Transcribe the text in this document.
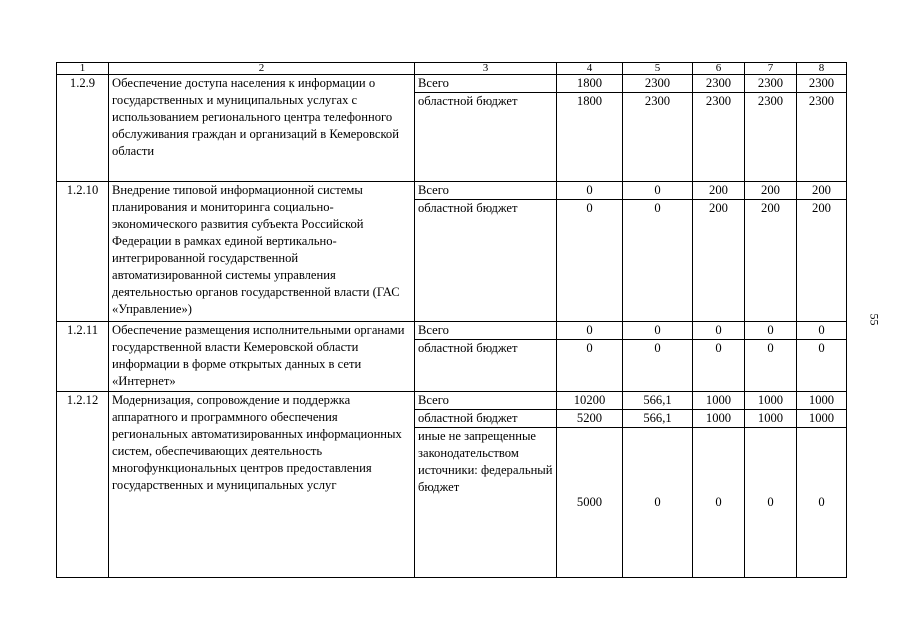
1	2	3	4	5	6	7	8
1.2.9	Обеспечение доступа населения к информации о государственных и муниципальных услугах с использованием регионального центра телефонного обслуживания граждан и организаций в Кемеровской области	Всего	1800	2300	2300	2300	2300
		областной бюджет	1800	2300	2300	2300	2300
1.2.10	Внедрение типовой информационной системы планирования и мониторинга социально-экономического развития субъекта Российской Федерации в рамках единой вертикально-интегрированной государственной автоматизированной системы управления деятельностью органов государственной власти (ГАС «Управление»)	Всего	0	0	200	200	200
		областной бюджет	0	0	200	200	200
1.2.11	Обеспечение размещения исполнительными органами государственной власти Кемеровской области информации в форме открытых данных в сети «Интернет»	Всего	0	0	0	0	0
		областной бюджет	0	0	0	0	0
1.2.12	Модернизация, сопровождение и поддержка аппаратного и программного обеспечения региональных автоматизированных информационных систем, обеспечивающих деятельность многофункциональных центров предоставления государственных и муниципальных услуг	Всего	10200	566,1	1000	1000	1000
		областной бюджет	5200	566,1	1000	1000	1000
		иные не запрещенные законодательством источники: федеральный бюджет	5000	0	0	0	0
55
